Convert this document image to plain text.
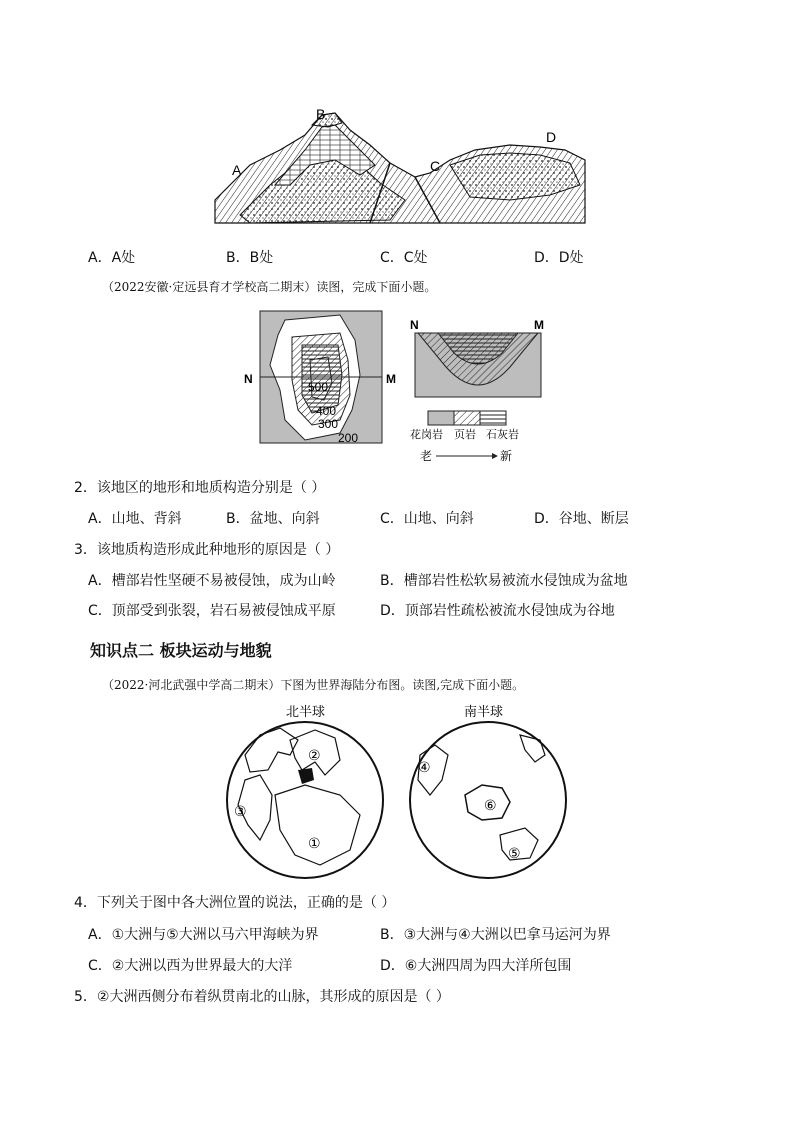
A
B
C
D
A．A处	B．B处	C．C处	D．D处
（2022安徽·定远县育才学校高二期末）读图，完成下面小题。
N	M
500
400
300
200
N	M
花岗岩 页岩 石灰岩
老	新
2．该地区的地形和地质构造分别是（ ）
A．山地、背斜	B．盆地、向斜	C．山地、向斜	D．谷地、断层
3．该地质构造形成此种地形的原因是（ ）
A．槽部岩性坚硬不易被侵蚀，成为山岭	B．槽部岩性松软易被流水侵蚀成为盆地
C．顶部受到张裂，岩石易被侵蚀成平原	D．顶部岩性疏松被流水侵蚀成为谷地
知识点二 板块运动与地貌
（2022·河北武强中学高二期末）下图为世界海陆分布图。读图,完成下面小题。
北半球	南半球
①
②
③
④
⑤
⑥
4．下列关于图中各大洲位置的说法，正确的是（ ）
A．①大洲与⑤大洲以马六甲海峡为界	B．③大洲与④大洲以巴拿马运河为界
C．②大洲以西为世界最大的大洋	D．⑥大洲四周为四大洋所包围
5．②大洲西侧分布着纵贯南北的山脉，其形成的原因是（ ）
